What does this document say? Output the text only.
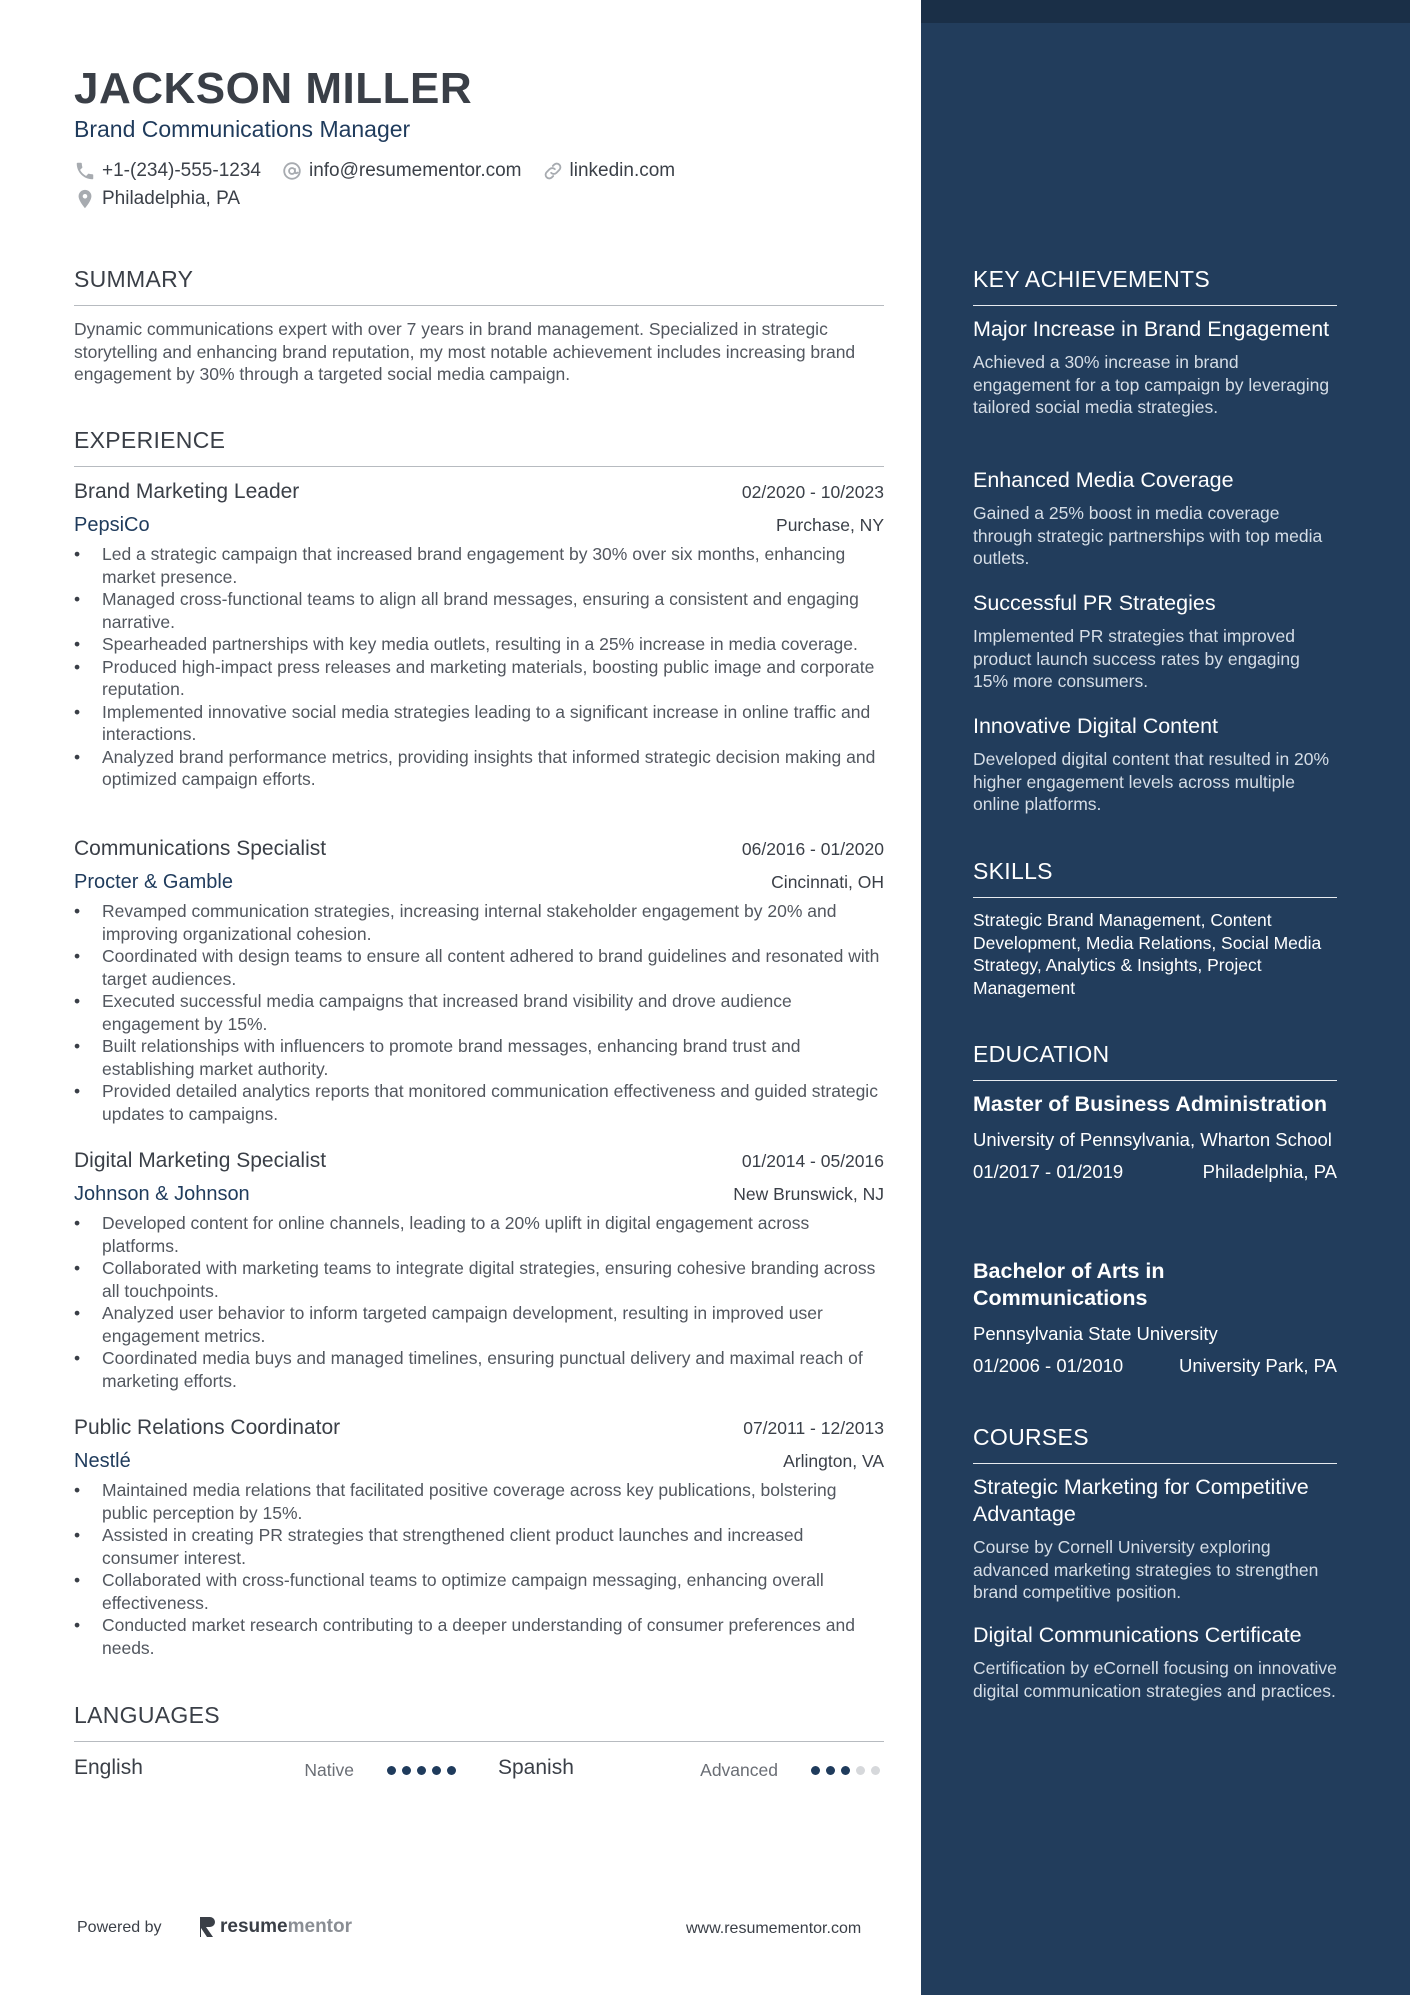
JACKSON MILLER
Brand Communications Manager
+1-(234)-555-1234	info@resumementor.com	linkedin.com
Philadelphia, PA
SUMMARY
Dynamic communications expert with over 7 years in brand management. Specialized in strategic storytelling and enhancing brand reputation, my most notable achievement includes increasing brand engagement by 30% through a targeted social media campaign.
EXPERIENCE
Brand Marketing Leader	02/2020 - 10/2023
PepsiCo	Purchase, NY
• Led a strategic campaign that increased brand engagement by 30% over six months, enhancing market presence.
• Managed cross-functional teams to align all brand messages, ensuring a consistent and engaging narrative.
• Spearheaded partnerships with key media outlets, resulting in a 25% increase in media coverage.
• Produced high-impact press releases and marketing materials, boosting public image and corporate reputation.
• Implemented innovative social media strategies leading to a significant increase in online traffic and interactions.
• Analyzed brand performance metrics, providing insights that informed strategic decision making and optimized campaign efforts.
Communications Specialist	06/2016 - 01/2020
Procter & Gamble	Cincinnati, OH
• Revamped communication strategies, increasing internal stakeholder engagement by 20% and improving organizational cohesion.
• Coordinated with design teams to ensure all content adhered to brand guidelines and resonated with target audiences.
• Executed successful media campaigns that increased brand visibility and drove audience engagement by 15%.
• Built relationships with influencers to promote brand messages, enhancing brand trust and establishing market authority.
• Provided detailed analytics reports that monitored communication effectiveness and guided strategic updates to campaigns.
Digital Marketing Specialist	01/2014 - 05/2016
Johnson & Johnson	New Brunswick, NJ
• Developed content for online channels, leading to a 20% uplift in digital engagement across platforms.
• Collaborated with marketing teams to integrate digital strategies, ensuring cohesive branding across all touchpoints.
• Analyzed user behavior to inform targeted campaign development, resulting in improved user engagement metrics.
• Coordinated media buys and managed timelines, ensuring punctual delivery and maximal reach of marketing efforts.
Public Relations Coordinator	07/2011 - 12/2013
Nestlé	Arlington, VA
• Maintained media relations that facilitated positive coverage across key publications, bolstering public perception by 15%.
• Assisted in creating PR strategies that strengthened client product launches and increased consumer interest.
• Collaborated with cross-functional teams to optimize campaign messaging, enhancing overall effectiveness.
• Conducted market research contributing to a deeper understanding of consumer preferences and needs.
LANGUAGES
English	Native	Spanish	Advanced
Powered by	resume mentor	www.resumementor.com
KEY ACHIEVEMENTS
Major Increase in Brand Engagement
Achieved a 30% increase in brand engagement for a top campaign by leveraging tailored social media strategies.
Enhanced Media Coverage
Gained a 25% boost in media coverage through strategic partnerships with top media outlets.
Successful PR Strategies
Implemented PR strategies that improved product launch success rates by engaging 15% more consumers.
Innovative Digital Content
Developed digital content that resulted in 20% higher engagement levels across multiple online platforms.
SKILLS
Strategic Brand Management, Content Development, Media Relations, Social Media Strategy, Analytics & Insights, Project Management
EDUCATION
Master of Business Administration
University of Pennsylvania, Wharton School
01/2017 - 01/2019	Philadelphia, PA
Bachelor of Arts in Communications
Pennsylvania State University
01/2006 - 01/2010	University Park, PA
COURSES
Strategic Marketing for Competitive Advantage
Course by Cornell University exploring advanced marketing strategies to strengthen brand competitive position.
Digital Communications Certificate
Certification by eCornell focusing on innovative digital communication strategies and practices.
